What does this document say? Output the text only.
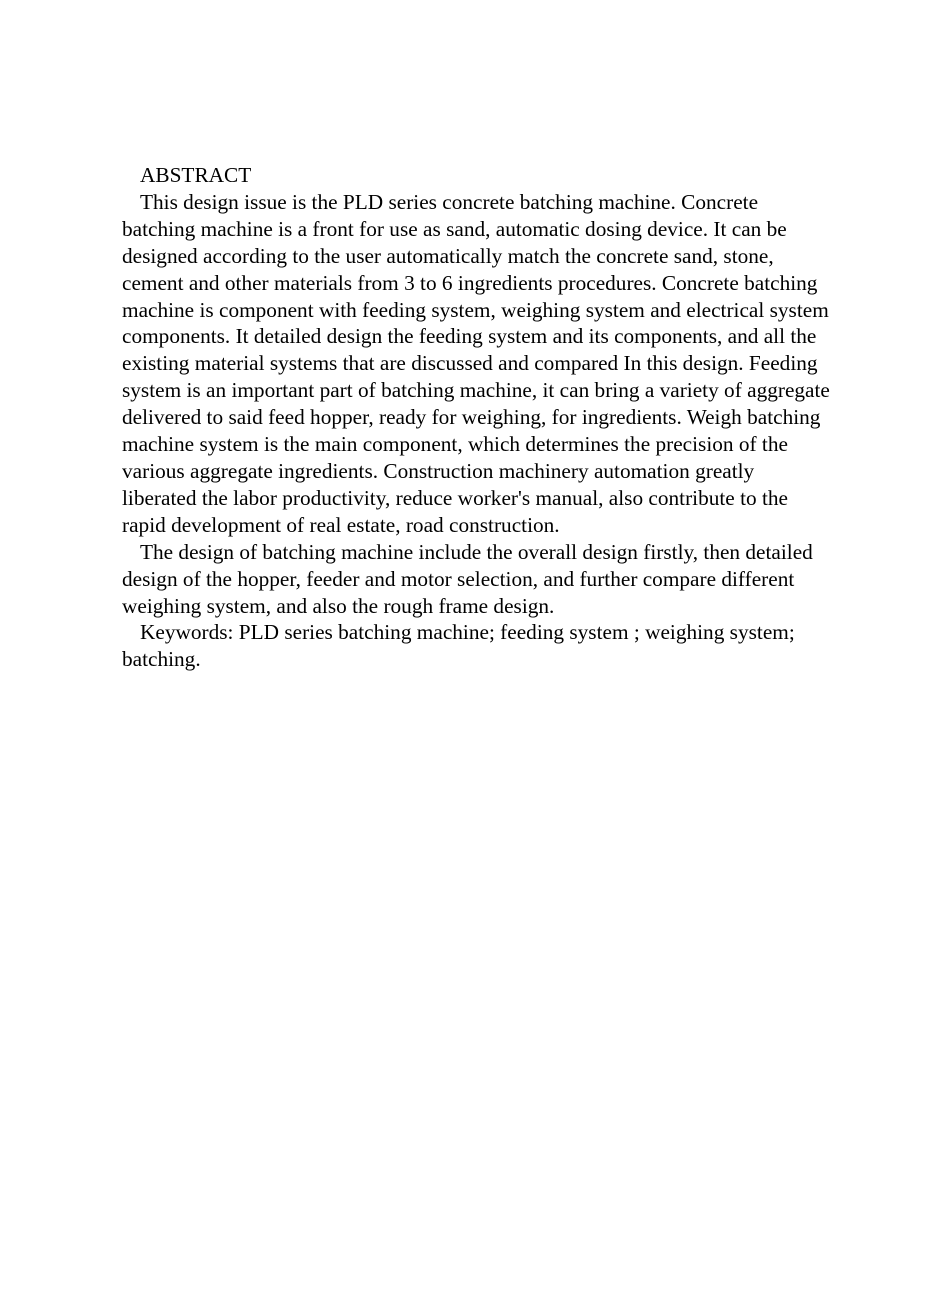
ABSTRACT

This design issue is the PLD series concrete batching machine. Concrete batching machine is a front for use as sand, automatic dosing device. It can be designed according to the user automatically match the concrete sand, stone, cement and other materials from 3 to 6 ingredients procedures. Concrete batching machine is component with feeding system, weighing system and electrical system components. It detailed design the feeding system and its components, and all the existing material systems that are discussed and compared In this design. Feeding system is an important part of batching machine, it can bring a variety of aggregate delivered to said feed hopper, ready for weighing, for ingredients. Weigh batching machine system is the main component, which determines the precision of the various aggregate ingredients. Construction machinery automation greatly liberated the labor productivity, reduce worker's manual, also contribute to the rapid development of real estate, road construction.

The design of batching machine include the overall design firstly, then detailed design of the hopper, feeder and motor selection, and further compare different weighing system, and also the rough frame design.

Keywords: PLD series batching machine; feeding system ; weighing system; batching.
